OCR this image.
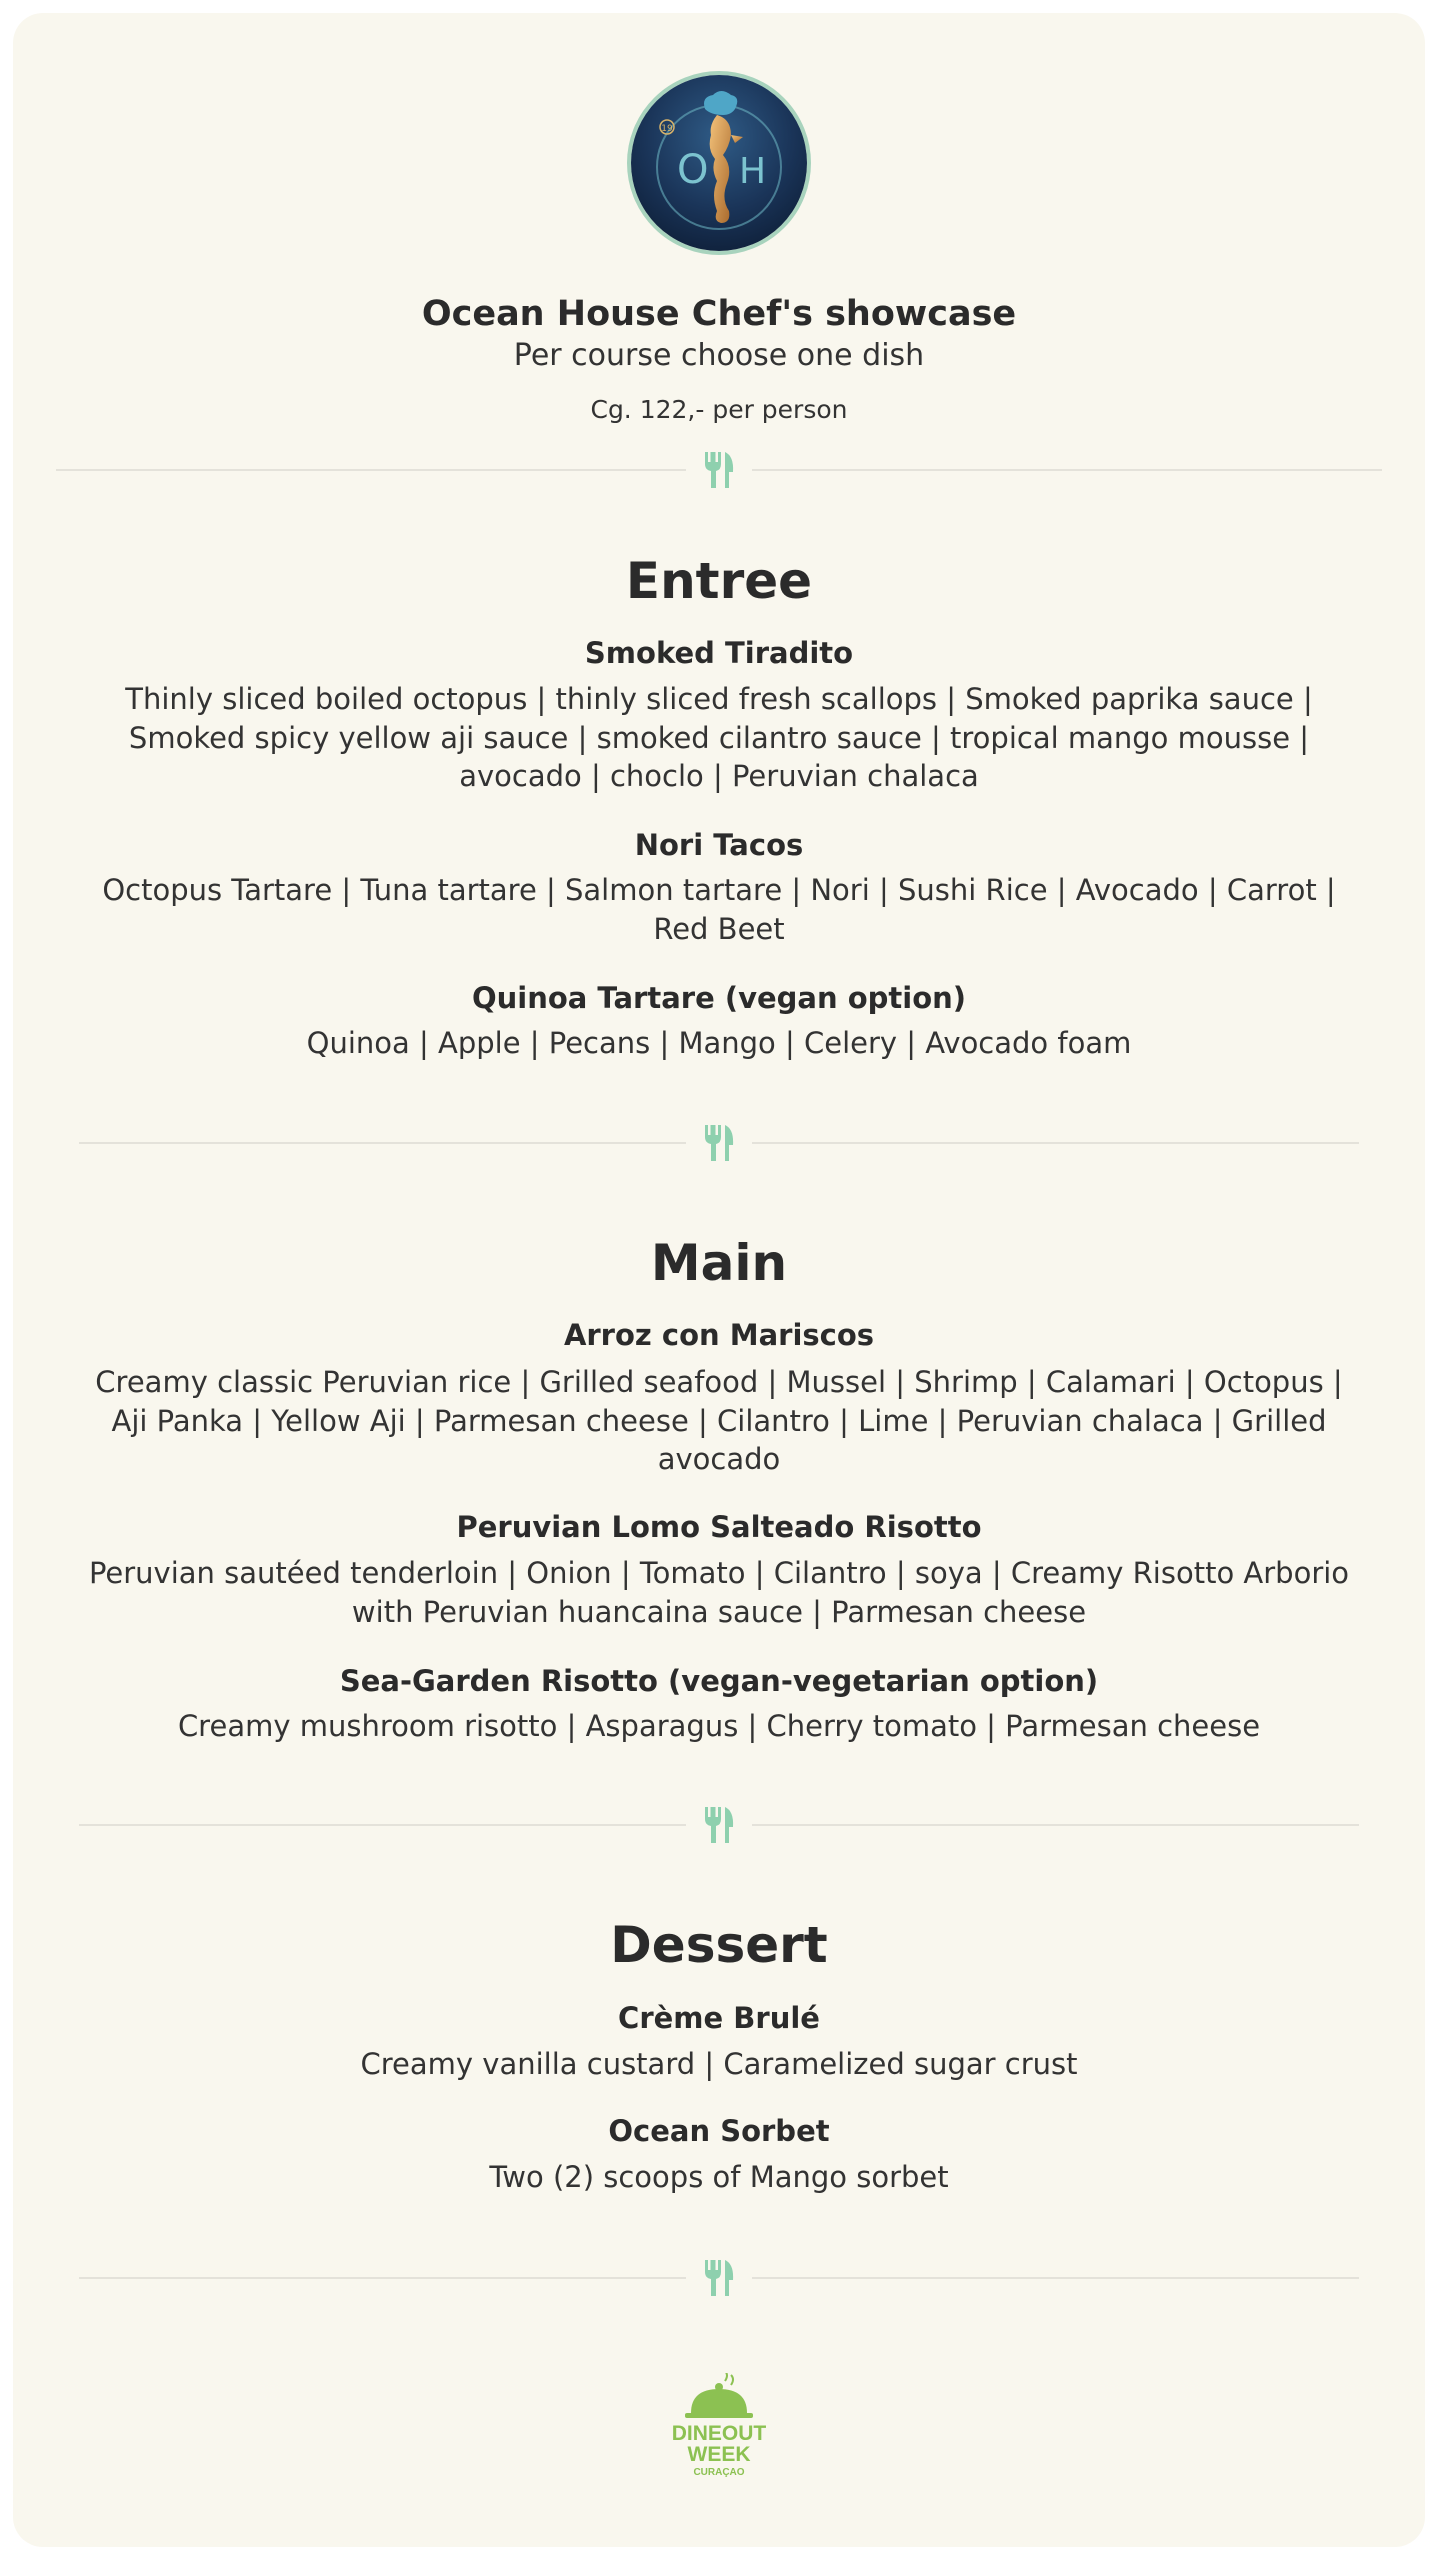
19
O H
Ocean House Chef's showcase
Per course choose one dish
Cg. 122,- per person
Entree
Smoked Tiradito

Thinly sliced boiled octopus | thinly sliced fresh scallops | Smoked paprika sauce | Smoked spicy yellow aji sauce | smoked cilantro sauce | tropical mango mousse | avocado | choclo | Peruvian chalaca

Nori Tacos

Octopus Tartare | Tuna tartare | Salmon tartare | Nori | Sushi Rice | Avocado | Carrot | Red Beet

Quinoa Tartare (vegan option)

Quinoa | Apple | Pecans | Mango | Celery | Avocado foam

Main
Arroz con Mariscos

Creamy classic Peruvian rice | Grilled seafood | Mussel | Shrimp | Calamari | Octopus | Aji Panka | Yellow Aji | Parmesan cheese | Cilantro | Lime | Peruvian chalaca | Grilled avocado

Peruvian Lomo Salteado Risotto

Peruvian sautéed tenderloin | Onion | Tomato | Cilantro | soya | Creamy Risotto Arborio with Peruvian huancaina sauce | Parmesan cheese

Sea-Garden Risotto (vegan-vegetarian option)

Creamy mushroom risotto | Asparagus | Cherry tomato | Parmesan cheese

Dessert
Crème Brulé

Creamy vanilla custard | Caramelized sugar crust

Ocean Sorbet

Two (2) scoops of Mango sorbet

DINEOUT
WEEK
CURAÇAO
